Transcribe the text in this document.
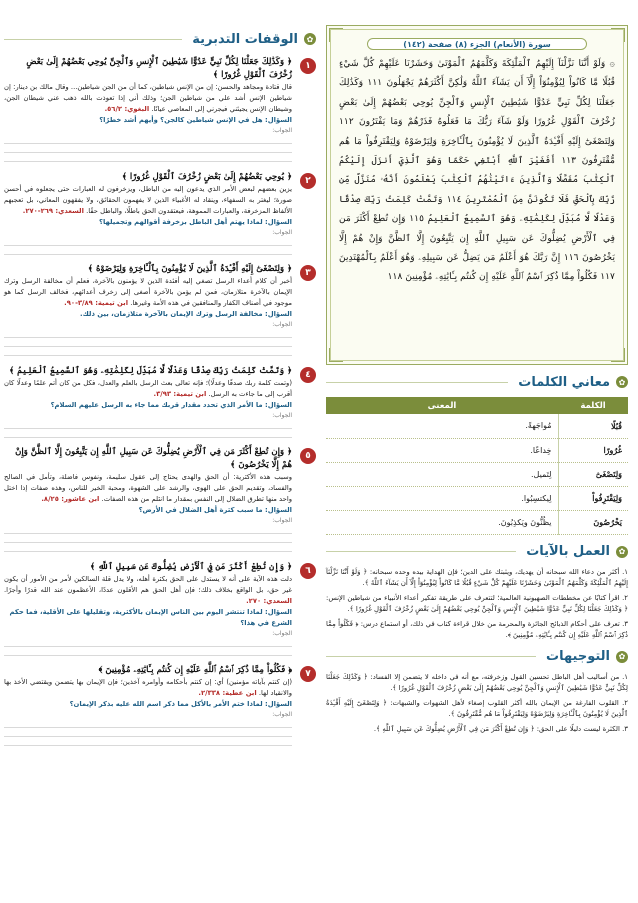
سورة (الأنعام) الجزء (٨) صفحة (١٤٢)
۞ وَلَوْ أَنَّنَا نَزَّلْنَآ إِلَيْهِمُ ٱلْمَلَٰٓئِكَةَ وَكَلَّمَهُمُ ٱلْمَوْتَىٰ وَحَشَرْنَا عَلَيْهِمْ كُلَّ شَيْءٍ قُبُلًا مَّا كَانُواْ لِيُؤْمِنُوٓاْ إِلَّآ أَن يَشَآءَ ٱللَّهُ وَلَٰكِنَّ أَكْثَرَهُمْ يَجْهَلُونَ ١١١ وَكَذَٰلِكَ جَعَلْنَا لِكُلِّ نَبِيٍّ عَدُوًّا شَيَٰطِينَ ٱلْإِنسِ وَٱلْجِنِّ يُوحِي بَعْضُهُمْ إِلَىٰ بَعْضٍ زُخْرُفَ ٱلْقَوْلِ غُرُورًا وَلَوْ شَآءَ رَبُّكَ مَا فَعَلُوهُ فَذَرْهُمْ وَمَا يَفْتَرُونَ ١١٢ وَلِتَصْغَىٰٓ إِلَيْهِ أَفْـِٔدَةُ ٱلَّذِينَ لَا يُؤْمِنُونَ بِٱلْـَٔاخِرَةِ وَلِيَرْضَوْهُ وَلِيَقْتَرِفُواْ مَا هُم مُّقْتَرِفُونَ ١١٣ أَفَغَيْرَ ٱللَّهِ أَبْتَغِي حَكَمًا وَهُوَ ٱلَّذِيٓ أَنزَلَ إِلَيْكُمُ ٱلْكِتَٰبَ مُفَصَّلًا وَٱلَّذِينَ ءَاتَيْنَٰهُمُ ٱلْكِتَٰبَ يَعْلَمُونَ أَنَّهُۥ مُنَزَّلٌ مِّن رَّبِّكَ بِٱلْحَقِّ فَلَا تَكُونَنَّ مِنَ ٱلْمُمْتَرِينَ ١١٤ وَتَمَّتْ كَلِمَتُ رَبِّكَ صِدْقًا وَعَدْلًا لَّا مُبَدِّلَ لِكَلِمَٰتِهِۦ وَهُوَ ٱلسَّمِيعُ ٱلْعَلِيمُ ١١٥ وَإِن تُطِعْ أَكْثَرَ مَن فِي ٱلْأَرْضِ يُضِلُّوكَ عَن سَبِيلِ ٱللَّهِ إِن يَتَّبِعُونَ إِلَّا ٱلظَّنَّ وَإِنْ هُمْ إِلَّا يَخْرُصُونَ ١١٦ إِنَّ رَبَّكَ هُوَ أَعْلَمُ مَن يَضِلُّ عَن سَبِيلِهِۦ وَهُوَ أَعْلَمُ بِٱلْمُهْتَدِينَ ١١٧ فَكُلُواْ مِمَّا ذُكِرَ ٱسْمُ ٱللَّهِ عَلَيْهِ إِن كُنتُم بِـَٔايَٰتِهِۦ مُؤْمِنِينَ ١١٨
✿
معاني الكلمات
الكلمة	المعنى
قُبُلًا	مُواجَهةً.
غُرُورًا	خِداعًا.
وَلِتَصْغَىٰٓ	لِتَميل.
وَلِيَقْتَرِفُواْ	لِيكتسِبُوا.
يَخْرُصُونَ	يظُنُّونَ ويَكذِبُونَ.
✿
العمل بالآيات

١. أكثر من دعاء الله سبحانه أن يهديك، ويثبتك على الدين؛ فإن الهداية بيده وحده سبحانه: ﴿ وَلَوْ أَنَّنَا نَزَّلْنَآ إِلَيْهِمُ ٱلْمَلَٰٓئِكَةَ وَكَلَّمَهُمُ ٱلْمَوْتَىٰ وَحَشَرْنَا عَلَيْهِمْ كُلَّ شَيْءٍ قُبُلًا مَّا كَانُواْ لِيُؤْمِنُوٓاْ إِلَّآ أَن يَشَآءَ ٱللَّهُ ﴾.

٢. اقرأ كتابًا عن مخططات الصهيونية العالمية؛ لتتعرف على طريقة تفكير أعداء الأنبياء من شياطين الإنس: ﴿ وَكَذَٰلِكَ جَعَلْنَا لِكُلِّ نَبِيٍّ عَدُوًّا شَيَٰطِينَ ٱلْإِنسِ وَٱلْجِنِّ يُوحِي بَعْضُهُمْ إِلَىٰ بَعْضٍ زُخْرُفَ ٱلْقَوْلِ غُرُورًا ﴾.

٣. تعرف على أحكام الذبائح الجائزة والمحرمة من خلال قراءة كتاب في ذلك، أو استماع درس: ﴿ فَكُلُواْ مِمَّا ذُكِرَ ٱسْمُ ٱللَّهِ عَلَيْهِ إِن كُنتُم بِـَٔايَٰتِهِۦ مُؤْمِنِينَ ﴾.

✿
التوجيهات

١. من أساليب أهل الباطل تحسين القول وزخرفته، مع أنه في داخله لا يتضمن إلا الفساد: ﴿ وَكَذَٰلِكَ جَعَلْنَا لِكُلِّ نَبِيٍّ عَدُوًّا شَيَٰطِينَ ٱلْإِنسِ وَٱلْجِنِّ يُوحِي بَعْضُهُمْ إِلَىٰ بَعْضٍ زُخْرُفَ ٱلْقَوْلِ غُرُورًا ﴾.

٢. القلوب الفارغة من الإيمان بالله أكثر القلوب إصغاء لأهل الشهوات والشبهات: ﴿ وَلِتَصْغَىٰٓ إِلَيْهِ أَفْـِٔدَةُ ٱلَّذِينَ لَا يُؤْمِنُونَ بِٱلْـَٔاخِرَةِ وَلِيَرْضَوْهُ وَلِيَقْتَرِفُواْ مَا هُم مُّقْتَرِفُونَ ﴾.

٣. الكثرة ليست دليلًا على الحق: ﴿ وَإِن تُطِعْ أَكْثَرَ مَن فِي ٱلْأَرْضِ يُضِلُّوكَ عَن سَبِيلِ ٱللَّهِ ﴾.

✿
الوقفات التدبرية
١
﴿ وَكَذَٰلِكَ جَعَلْنَا لِكُلِّ نَبِيٍّ عَدُوًّا شَيَٰطِينَ ٱلْإِنسِ وَٱلْجِنِّ يُوحِي بَعْضُهُمْ إِلَىٰ بَعْضٍ زُخْرُفَ ٱلْقَوْلِ غُرُورًا ﴾
قال قتادة ومجاهد والحسن: إن من الإنس شياطين، كما أن من الجن شياطين... وقال مالك بن دينار: إن شياطين الإنس أشد علي من شياطين الجن؛ وذلك أني إذا تعوذت بالله ذهب عني شيطان الجن، وشيطان الإنس يجيئني فيجرني إلى المعاصي عيانًا. البغوي: ٥٦/٢.
السؤال: هل في الإنس شياطين كالجن؟ وأيهم أشد خطرًا؟
الجواب:
٢
﴿ يُوحِي بَعْضُهُمْ إِلَىٰ بَعْضٍ زُخْرُفَ ٱلْقَوْلِ غُرُورًا ﴾
يزين بعضهم لبعض الأمر الذي يدعون إليه من الباطل، ويزخرفون له العبارات حتى يجعلوه في أحسن صورة؛ ليغتر به السفهاء، وينقاد له الأغبياء الذين لا يفهمون الحقائق، ولا يفقهون المعاني، بل تعجبهم الألفاظ المزخرفة، والعبارات المموهة، فيعتقدون الحق باطلًا، والباطل حقًا. السعدي: ٢٦٩-٢٧٠.
السؤال: لماذا يهتم أهل الباطل بزخرفة أقوالهم وتجميلها؟
الجواب:
٣
﴿ وَلِتَصْغَىٰٓ إِلَيْهِ أَفْـِٔدَةُ ٱلَّذِينَ لَا يُؤْمِنُونَ بِٱلْـَٔاخِرَةِ وَلِيَرْضَوْهُ ﴾
أخبر أن كلام أعداء الرسل تصغي إليه أفئدة الذين لا يؤمنون بالآخرة، فعلم أن مخالفة الرسل وترك الإيمان بالآخرة متلازمان، فمن لم يؤمن بالآخرة أصغى إلى زخرف أعدائهم، فخالف الرسل كما هو موجود في أصناف الكفار والمنافقين في هذه الأمة وغيرها. ابن تيمية: ٣/٨٩-٩٠.
السؤال: مخالفة الرسل وترك الإيمان بالآخرة متلازمان، بين ذلك.
الجواب:
٤
﴿ وَتَمَّتْ كَلِمَتُ رَبِّكَ صِدْقًا وَعَدْلًا لَّا مُبَدِّلَ لِكَلِمَٰتِهِۦ وَهُوَ ٱلسَّمِيعُ ٱلْعَلِيمُ ﴾
(وتمت كلمة ربك صدقًا وعدلًا)؛ فإنه تعالى بعث الرسل بالعلم والعدل، فكل من كان أتم علمًا وعدلًا كان أقرب إلى ما جاءت به الرسل. ابن تيمية: ٣/٩٣.
السؤال: ما الأمر الذي تحدد مقدار قربك مما جاء به الرسل عليهم السلام؟
الجواب:
٥
﴿ وَإِن تُطِعْ أَكْثَرَ مَن فِي ٱلْأَرْضِ يُضِلُّوكَ عَن سَبِيلِ ٱللَّهِ إِن يَتَّبِعُونَ إِلَّا ٱلظَّنَّ وَإِنْ هُمْ إِلَّا يَخْرُصُونَ ﴾
وسبب هذه الأكثرية: أن الحق والهدى يحتاج إلى عقول سليمة، ونفوس فاضلة، وتأمل في الصالح والفساد، وتقديم الحق على الهوى، والرشد على الشهوة، ومحبة الخير للناس، وهذه صفات إذا اختل واحد منها تطرق الضلال إلى النفس بمقدار ما انثلم من هذه الصفات. ابن عاشور: ٨/٢٥.
السؤال: ما سبب كثرة أهل الضلال في الأرض؟
الجواب:
٦
﴿ وَإِن تُطِعْ أَكْثَرَ مَن فِي ٱلْأَرْضِ يُضِلُّوكَ عَن سَبِيلِ ٱللَّهِ ﴾
دلت هذه الآية على أنه لا يستدل على الحق بكثرة أهله، ولا يدل قلة السالكين لأمر من الأمور أن يكون غير حق، بل الواقع بخلاف ذلك؛ فإن أهل الحق هم الأقلون عددًا، الأعظمون عند الله قدرًا وأجرًا. السعدي: ٢٧٠.
السؤال: لماذا تنتشر اليوم بين الناس الإيمان بالأكثرية، وتقليلها على الأقلية، فما حكم الشرع في هذا؟
الجواب:
٧
﴿ فَكُلُواْ مِمَّا ذُكِرَ ٱسْمُ ٱللَّهِ عَلَيْهِ إِن كُنتُم بِـَٔايَٰتِهِۦ مُؤْمِنِينَ ﴾
(إن كنتم بآياته مؤمنين) أي: إن كنتم بأحكامه وأوامره آخذين؛ فإن الإيمان بها يتضمن ويقتضي الأخذ بها والانقياد لها. ابن عطية: ٢/٣٣٨.
السؤال: لماذا ختم الأمر بالأكل مما ذكر اسم الله عليه بذكر الإيمان؟
الجواب:
